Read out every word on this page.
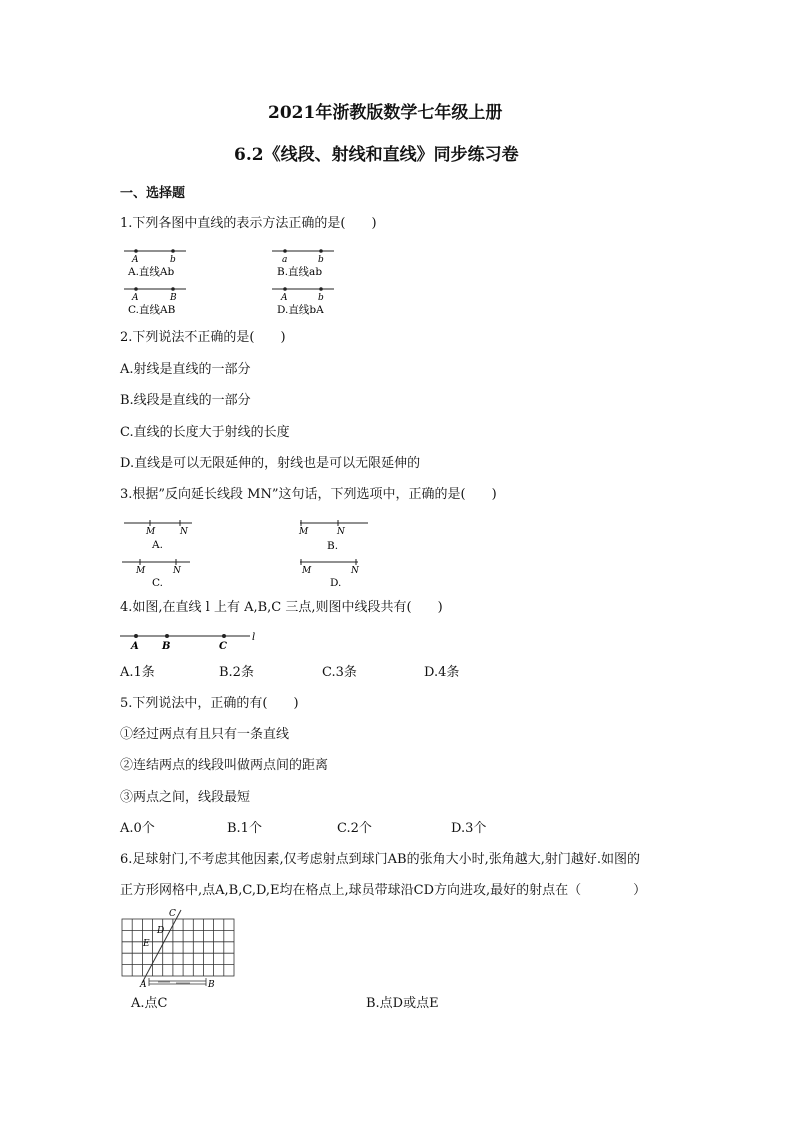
2021年浙教版数学七年级上册
6.2《线段、射线和直线》同步练习卷
一、选择题
1.下列各图中直线的表示方法正确的是(　　)
A	b
A.直线Ab
a	b
B.直线ab
A	B
C.直线AB
A	b
D.直线bA
2.下列说法不正确的是(　　)
A.射线是直线的一部分
B.线段是直线的一部分
C.直线的长度大于射线的长度
D.直线是可以无限延伸的，射线也是可以无限延伸的
3.根据”反向延长线段 MN”这句话，下列选项中，正确的是(　　)
M	N
A.
M	N
B.
M	N
C.
M	N
D.
4.如图,在直线 l 上有 A,B,C 三点,则图中线段共有(　　)
A B	C
l
A.1条	B.2条	C.3条	D.4条
5.下列说法中，正确的有(　　)
①经过两点有且只有一条直线
②连结两点的线段叫做两点间的距离
③两点之间，线段最短
A.0个	B.1个	C.2个	D.3个
6.足球射门,不考虑其他因素,仅考虑射点到球门AB的张角大小时,张角越大,射门越好.如图的
正方形网格中,点A,B,C,D,E均在格点上,球员带球沿CD方向进攻,最好的射点在（　　　　）
C
D
E
A	B
A.点C	B.点D或点E
